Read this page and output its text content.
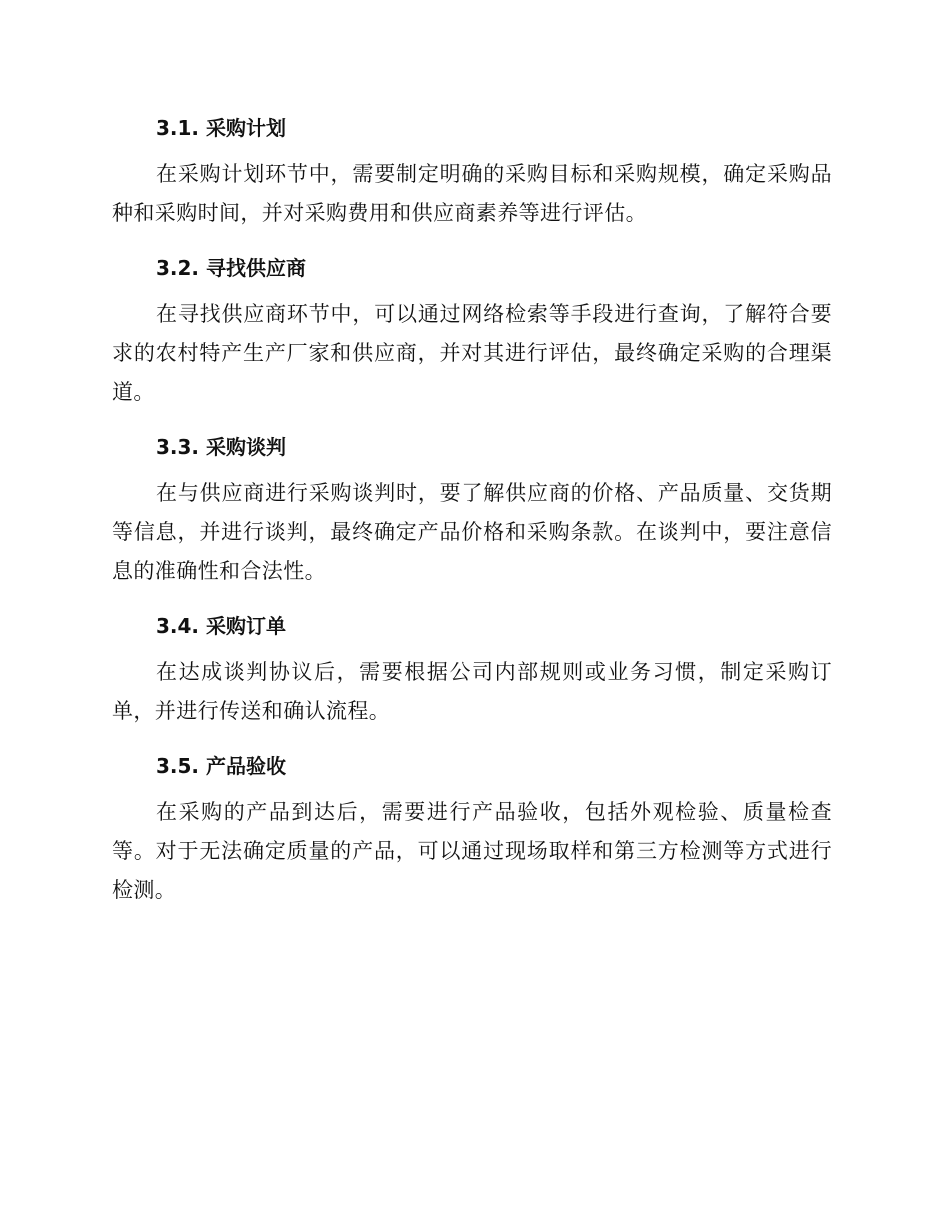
3.1. 采购计划

在采购计划环节中，需要制定明确的采购目标和采购规模，确定采购品种和采购时间，并对采购费用和供应商素养等进行评估。

3.2. 寻找供应商

在寻找供应商环节中，可以通过网络检索等手段进行查询，了解符合要求的农村特产生产厂家和供应商，并对其进行评估，最终确定采购的合理渠道。

3.3. 采购谈判

在与供应商进行采购谈判时，要了解供应商的价格、产品质量、交货期等信息，并进行谈判，最终确定产品价格和采购条款。在谈判中，要注意信息的准确性和合法性。

3.4. 采购订单

在达成谈判协议后，需要根据公司内部规则或业务习惯，制定采购订单，并进行传送和确认流程。

3.5. 产品验收

在采购的产品到达后，需要进行产品验收，包括外观检验、质量检查等。对于无法确定质量的产品，可以通过现场取样和第三方检测等方式进行检测。
